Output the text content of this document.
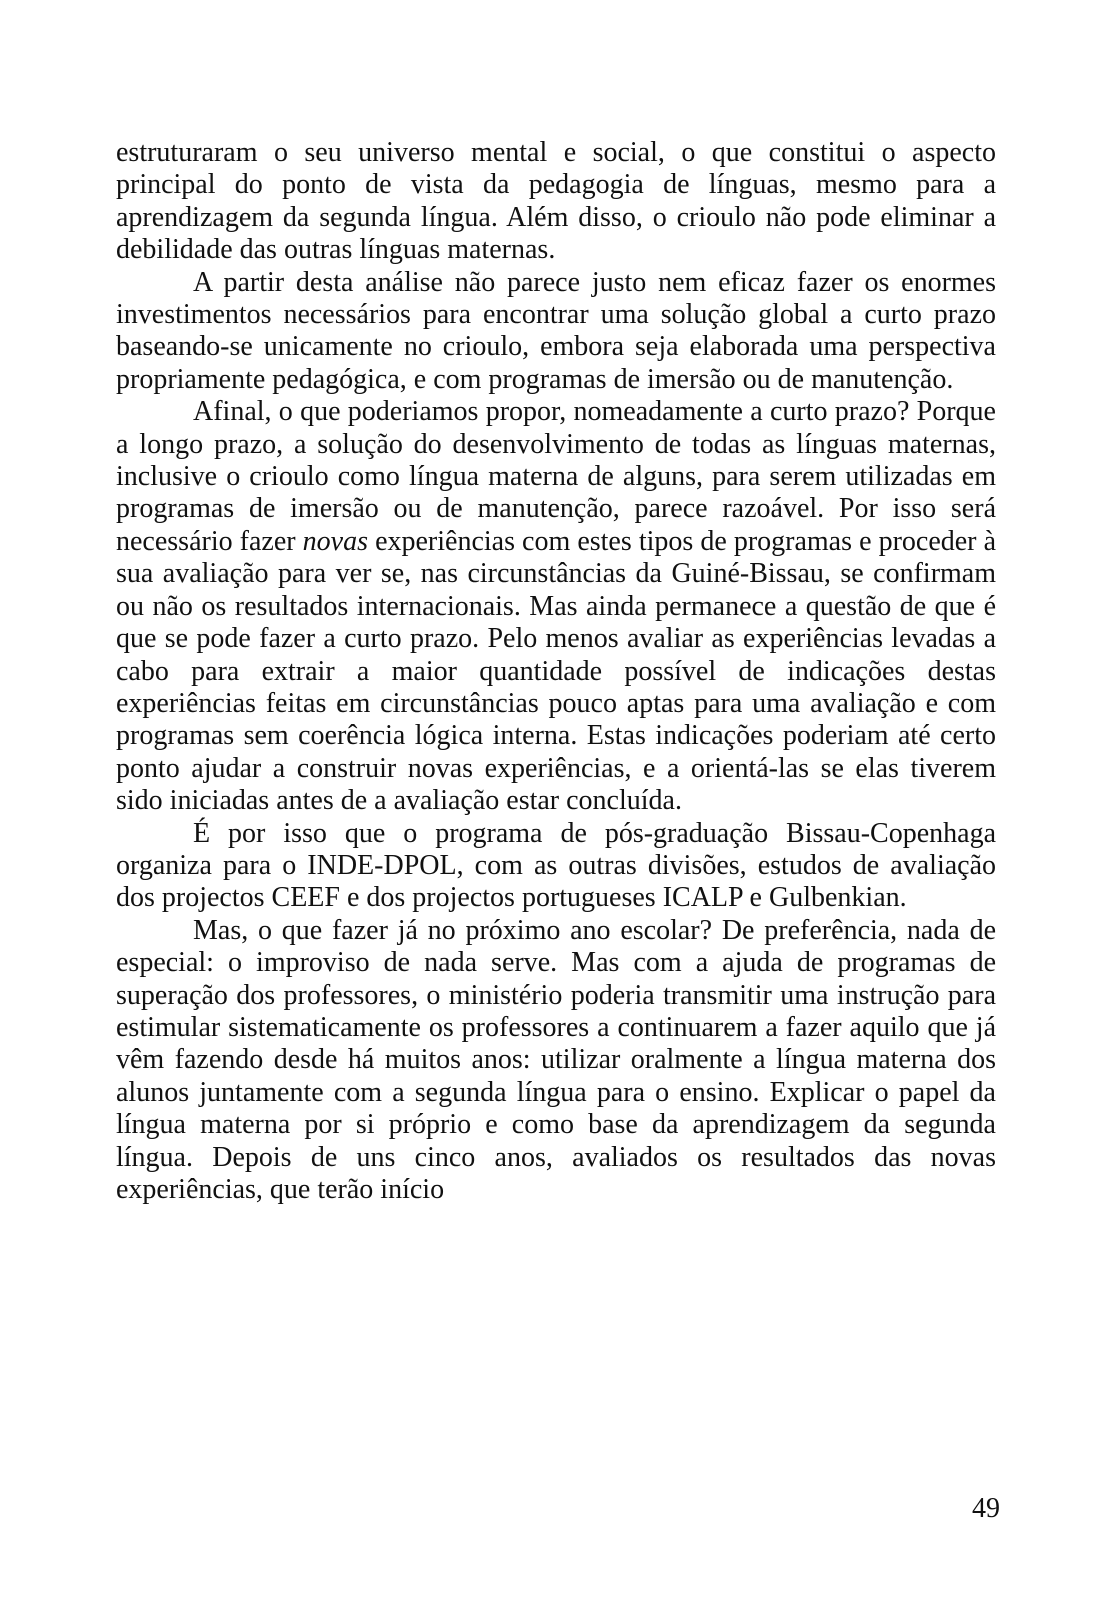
estruturaram o seu universo mental e social, o que constitui o aspecto principal do ponto de vista da pedagogia de línguas, mesmo para a aprendizagem da segunda língua. Além disso, o crioulo não pode eliminar a debilidade das outras línguas maternas.

A partir desta análise não parece justo nem eficaz fazer os enormes investimentos necessários para encontrar uma solução global a curto prazo baseando-se unicamente no crioulo, embora seja elaborada uma perspectiva propriamente pedagógica, e com programas de imersão ou de manutenção.

Afinal, o que poderiamos propor, nomeadamente a curto prazo? Porque a longo prazo, a solução do desenvolvimento de todas as línguas maternas, inclusive o crioulo como língua materna de alguns, para serem utilizadas em programas de imersão ou de manutenção, parece razoável. Por isso será necessário fazer novas experiências com estes tipos de programas e proceder à sua avaliação para ver se, nas circunstâncias da Guiné-Bissau, se confirmam ou não os resultados internacionais. Mas ainda permanece a questão de que é que se pode fazer a curto prazo. Pelo menos avaliar as experiências levadas a cabo para extrair a maior quantidade possível de indicações destas experiências feitas em circunstâncias pouco aptas para uma avaliação e com programas sem coerência lógica interna. Estas indicações poderiam até certo ponto ajudar a construir novas experiências, e a orientá-las se elas tiverem sido iniciadas antes de a avaliação estar concluída.

É por isso que o programa de pós-graduação Bissau-Copenhaga organiza para o INDE-DPOL, com as outras divisões, estudos de avaliação dos projectos CEEF e dos projectos portugueses ICALP e Gulbenkian.

Mas, o que fazer já no próximo ano escolar? De preferência, nada de especial: o improviso de nada serve. Mas com a ajuda de programas de superação dos professores, o ministério poderia transmitir uma instrução para estimular sistematicamente os professores a continuarem a fazer aquilo que já vêm fazendo desde há muitos anos: utilizar oralmente a língua materna dos alunos juntamente com a segunda língua para o ensino. Explicar o papel da língua materna por si próprio e como base da aprendizagem da segunda língua. Depois de uns cinco anos, avaliados os resultados das novas experiências, que terão início

49
